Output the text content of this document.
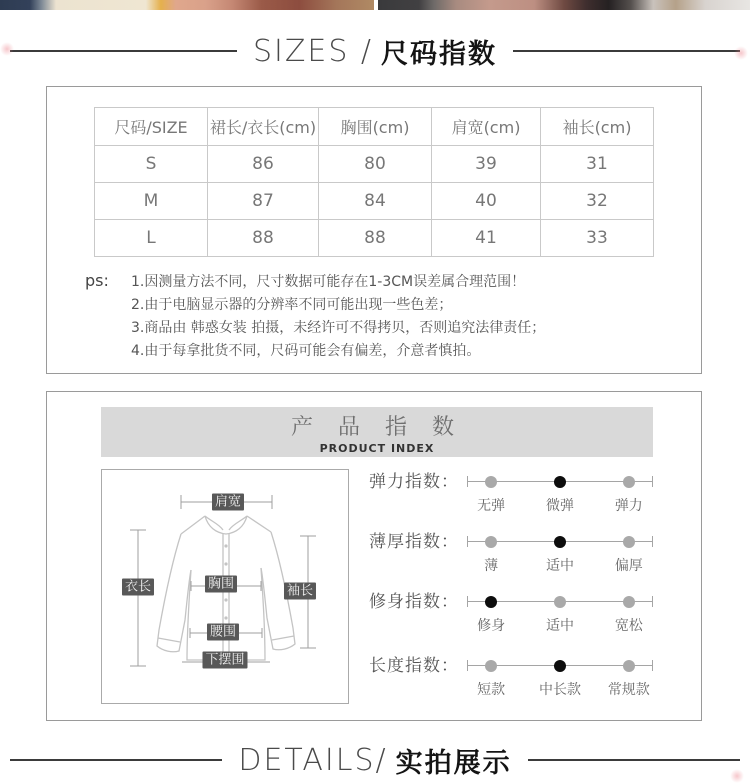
SIZES / 尺码指数
尺码/SIZE	裙长/衣长(cm)	胸围(cm)	肩宽(cm)	袖长(cm)
S	86	80	39	31
M	87	84	40	32
L	88	88	41	33
ps:	1.因测量方法不同，尺寸数据可能存在1-3CM误差属合理范围！
2.由于电脑显示器的分辨率不同可能出现一些色差；
3.商品由 韩惑女装 拍摄，未经许可不得拷贝，否则追究法律责任；
4.由于每拿批货不同，尺码可能会有偏差，介意者慎拍。
产 品 指 数
PRODUCT INDEX
肩宽
衣长	胸围	袖长
腰围
下摆围
弹力指数：
无弹	微弹	弹力
薄厚指数：
薄	适中	偏厚
修身指数：
修身	适中	宽松
长度指数：
短款 中长款 常规款
DETAILS/ 实拍展示
